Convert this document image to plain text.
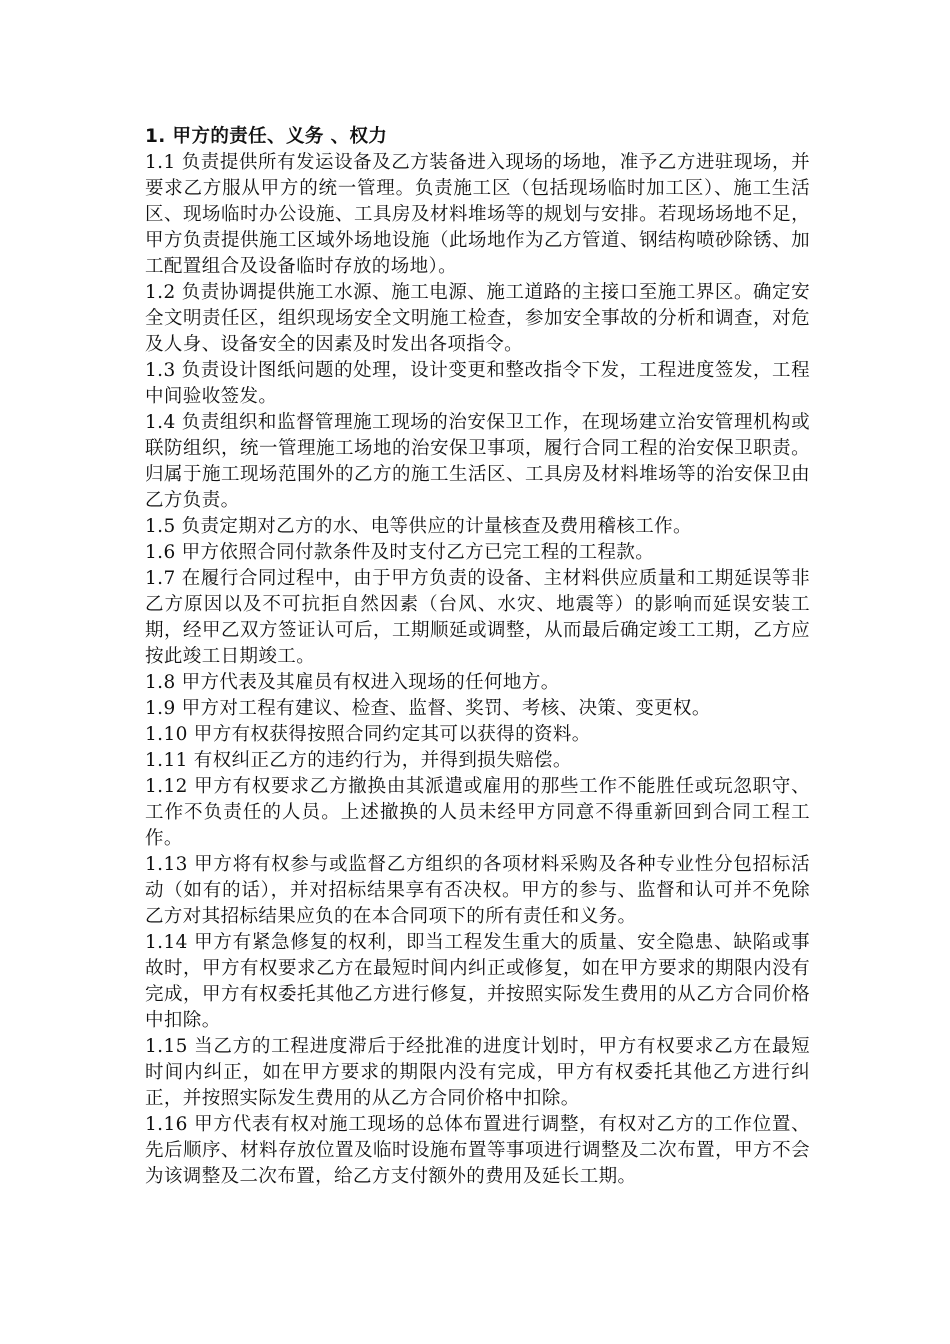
1. 甲方的责任、义务 、权力

1.1 负责提供所有发运设备及乙方装备进入现场的场地，准予乙方进驻现场，并要求乙方服从甲方的统一管理。负责施工区（包括现场临时加工区）、施工生活区、现场临时办公设施、工具房及材料堆场等的规划与安排。若现场场地不足，甲方负责提供施工区域外场地设施（此场地作为乙方管道、钢结构喷砂除锈、加工配置组合及设备临时存放的场地）。

1.2 负责协调提供施工水源、施工电源、施工道路的主接口至施工界区。确定安全文明责任区，组织现场安全文明施工检查，参加安全事故的分析和调查，对危及人身、设备安全的因素及时发出各项指令。

1.3 负责设计图纸问题的处理，设计变更和整改指令下发，工程进度签发，工程中间验收签发。

1.4 负责组织和监督管理施工现场的治安保卫工作，在现场建立治安管理机构或联防组织，统一管理施工场地的治安保卫事项，履行合同工程的治安保卫职责。归属于施工现场范围外的乙方的施工生活区、工具房及材料堆场等的治安保卫由乙方负责。

1.5 负责定期对乙方的水、电等供应的计量核查及费用稽核工作。

1.6 甲方依照合同付款条件及时支付乙方已完工程的工程款。

1.7 在履行合同过程中，由于甲方负责的设备、主材料供应质量和工期延误等非乙方原因以及不可抗拒自然因素（台风、水灾、地震等）的影响而延误安装工期，经甲乙双方签证认可后，工期顺延或调整，从而最后确定竣工工期，乙方应按此竣工日期竣工。

1.8 甲方代表及其雇员有权进入现场的任何地方。

1.9 甲方对工程有建议、检查、监督、奖罚、考核、决策、变更权。

1.10 甲方有权获得按照合同约定其可以获得的资料。

1.11 有权纠正乙方的违约行为，并得到损失赔偿。

1.12 甲方有权要求乙方撤换由其派遣或雇用的那些工作不能胜任或玩忽职守、工作不负责任的人员。上述撤换的人员未经甲方同意不得重新回到合同工程工作。

1.13 甲方将有权参与或监督乙方组织的各项材料采购及各种专业性分包招标活动（如有的话），并对招标结果享有否决权。甲方的参与、监督和认可并不免除乙方对其招标结果应负的在本合同项下的所有责任和义务。

1.14 甲方有紧急修复的权利，即当工程发生重大的质量、安全隐患、缺陷或事故时，甲方有权要求乙方在最短时间内纠正或修复，如在甲方要求的期限内没有完成，甲方有权委托其他乙方进行修复，并按照实际发生费用的从乙方合同价格中扣除。

1.15 当乙方的工程进度滞后于经批准的进度计划时，甲方有权要求乙方在最短时间内纠正，如在甲方要求的期限内没有完成，甲方有权委托其他乙方进行纠正，并按照实际发生费用的从乙方合同价格中扣除。

1.16 甲方代表有权对施工现场的总体布置进行调整，有权对乙方的工作位置、先后顺序、材料存放位置及临时设施布置等事项进行调整及二次布置，甲方不会为该调整及二次布置，给乙方支付额外的费用及延长工期。
